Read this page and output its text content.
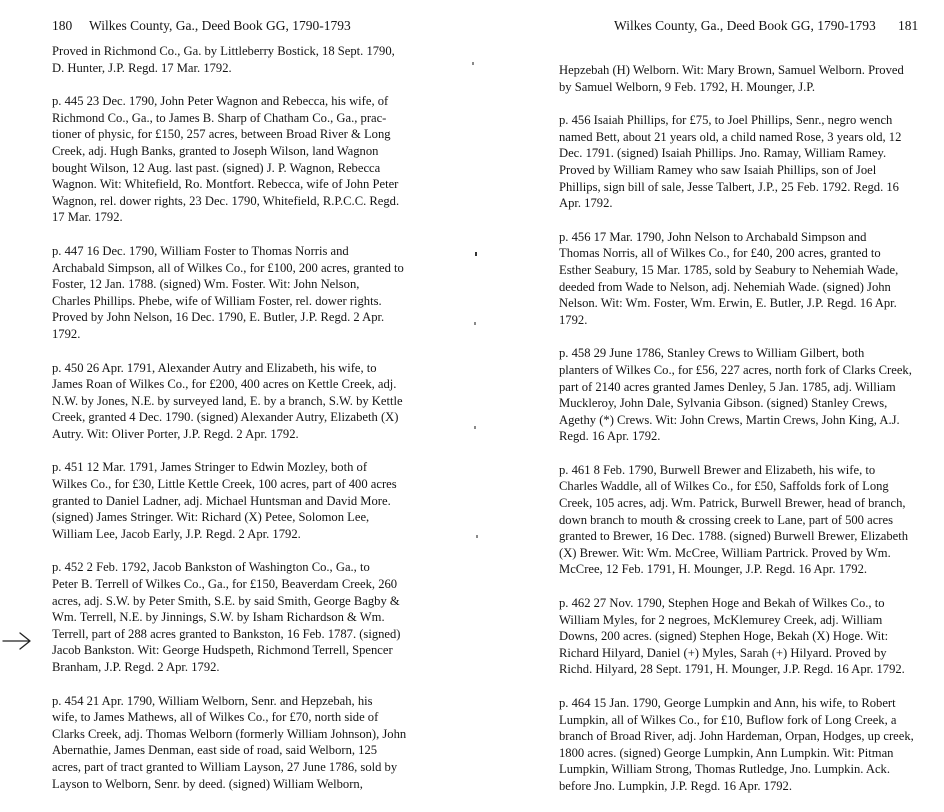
180 Wilkes County, Ga., Deed Book GG, 1790-1793
Proved in Richmond Co., Ga. by Littleberry Bostick, 18 Sept. 1790,
D. Hunter, J.P. Regd. 17 Mar. 1792.
p. 445 23 Dec. 1790, John Peter Wagnon and Rebecca, his wife, of
Richmond Co., Ga., to James B. Sharp of Chatham Co., Ga., prac-
tioner of physic, for £150, 257 acres, between Broad River & Long
Creek, adj. Hugh Banks, granted to Joseph Wilson, land Wagnon
bought Wilson, 12 Aug. last past. (signed) J. P. Wagnon, Rebecca
Wagnon. Wit: Whitefield, Ro. Montfort. Rebecca, wife of John Peter
Wagnon, rel. dower rights, 23 Dec. 1790, Whitefield, R.P.C.C. Regd.
17 Mar. 1792.
p. 447 16 Dec. 1790, William Foster to Thomas Norris and
Archabald Simpson, all of Wilkes Co., for £100, 200 acres, granted to
Foster, 12 Jan. 1788. (signed) Wm. Foster. Wit: John Nelson,
Charles Phillips. Phebe, wife of William Foster, rel. dower rights.
Proved by John Nelson, 16 Dec. 1790, E. Butler, J.P. Regd. 2 Apr.
1792.
p. 450 26 Apr. 1791, Alexander Autry and Elizabeth, his wife, to
James Roan of Wilkes Co., for £200, 400 acres on Kettle Creek, adj.
N.W. by Jones, N.E. by surveyed land, E. by a branch, S.W. by Kettle
Creek, granted 4 Dec. 1790. (signed) Alexander Autry, Elizabeth (X)
Autry. Wit: Oliver Porter, J.P. Regd. 2 Apr. 1792.
p. 451 12 Mar. 1791, James Stringer to Edwin Mozley, both of
Wilkes Co., for £30, Little Kettle Creek, 100 acres, part of 400 acres
granted to Daniel Ladner, adj. Michael Huntsman and David More.
(signed) James Stringer. Wit: Richard (X) Petee, Solomon Lee,
William Lee, Jacob Early, J.P. Regd. 2 Apr. 1792.
p. 452 2 Feb. 1792, Jacob Bankston of Washington Co., Ga., to
Peter B. Terrell of Wilkes Co., Ga., for £150, Beaverdam Creek, 260
acres, adj. S.W. by Peter Smith, S.E. by said Smith, George Bagby &
Wm. Terrell, N.E. by Jinnings, S.W. by Isham Richardson & Wm.
Terrell, part of 288 acres granted to Bankston, 16 Feb. 1787. (signed)
Jacob Bankston. Wit: George Hudspeth, Richmond Terrell, Spencer
Branham, J.P. Regd. 2 Apr. 1792.
p. 454 21 Apr. 1790, William Welborn, Senr. and Hepzebah, his
wife, to James Mathews, all of Wilkes Co., for £70, north side of
Clarks Creek, adj. Thomas Welborn (formerly William Johnson), John
Abernathie, James Denman, east side of road, said Welborn, 125
acres, part of tract granted to William Layson, 27 June 1786, sold by
Layson to Welborn, Senr. by deed. (signed) William Welborn,
Wilkes County, Ga., Deed Book GG, 1790-1793 181
Hepzebah (H) Welborn. Wit: Mary Brown, Samuel Welborn. Proved
by Samuel Welborn, 9 Feb. 1792, H. Mounger, J.P.
p. 456 Isaiah Phillips, for £75, to Joel Phillips, Senr., negro wench
named Bett, about 21 years old, a child named Rose, 3 years old, 12
Dec. 1791. (signed) Isaiah Phillips. Jno. Ramay, William Ramey.
Proved by William Ramey who saw Isaiah Phillips, son of Joel
Phillips, sign bill of sale, Jesse Talbert, J.P., 25 Feb. 1792. Regd. 16
Apr. 1792.
p. 456 17 Mar. 1790, John Nelson to Archabald Simpson and
Thomas Norris, all of Wilkes Co., for £40, 200 acres, granted to
Esther Seabury, 15 Mar. 1785, sold by Seabury to Nehemiah Wade,
deeded from Wade to Nelson, adj. Nehemiah Wade. (signed) John
Nelson. Wit: Wm. Foster, Wm. Erwin, E. Butler, J.P. Regd. 16 Apr.
1792.
p. 458 29 June 1786, Stanley Crews to William Gilbert, both
planters of Wilkes Co., for £56, 227 acres, north fork of Clarks Creek,
part of 2140 acres granted James Denley, 5 Jan. 1785, adj. William
Muckleroy, John Dale, Sylvania Gibson. (signed) Stanley Crews,
Agethy (*) Crews. Wit: John Crews, Martin Crews, John King, A.J.
Regd. 16 Apr. 1792.
p. 461 8 Feb. 1790, Burwell Brewer and Elizabeth, his wife, to
Charles Waddle, all of Wilkes Co., for £50, Saffolds fork of Long
Creek, 105 acres, adj. Wm. Patrick, Burwell Brewer, head of branch,
down branch to mouth & crossing creek to Lane, part of 500 acres
granted to Brewer, 16 Dec. 1788. (signed) Burwell Brewer, Elizabeth
(X) Brewer. Wit: Wm. McCree, William Partrick. Proved by Wm.
McCree, 12 Feb. 1791, H. Mounger, J.P. Regd. 16 Apr. 1792.
p. 462 27 Nov. 1790, Stephen Hoge and Bekah of Wilkes Co., to
William Myles, for 2 negroes, McKlemurey Creek, adj. William
Downs, 200 acres. (signed) Stephen Hoge, Bekah (X) Hoge. Wit:
Richard Hilyard, Daniel (+) Myles, Sarah (+) Hilyard. Proved by
Richd. Hilyard, 28 Sept. 1791, H. Mounger, J.P. Regd. 16 Apr. 1792.
p. 464 15 Jan. 1790, George Lumpkin and Ann, his wife, to Robert
Lumpkin, all of Wilkes Co., for £10, Buflow fork of Long Creek, a
branch of Broad River, adj. John Hardeman, Orpan, Hodges, up creek,
1800 acres. (signed) George Lumpkin, Ann Lumpkin. Wit: Pitman
Lumpkin, William Strong, Thomas Rutledge, Jno. Lumpkin. Ack.
before Jno. Lumpkin, J.P. Regd. 16 Apr. 1792.
